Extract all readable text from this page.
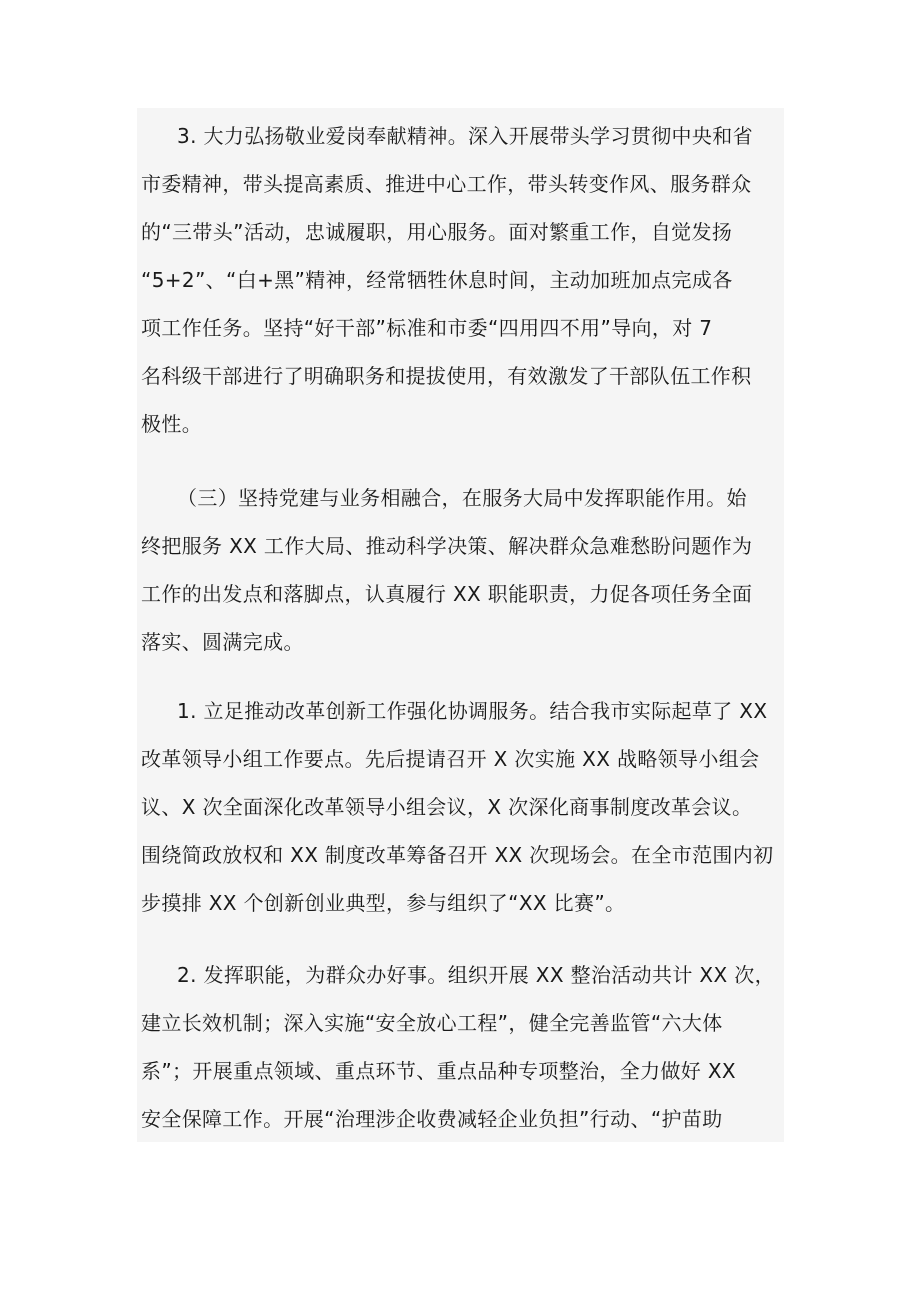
3. 大力弘扬敬业爱岗奉献精神。深入开展带头学习贯彻中央和省
市委精神，带头提高素质、推进中心工作，带头转变作风、服务群众
的“三带头”活动，忠诚履职，用心服务。面对繁重工作，自觉发扬
“5+2”、“白+黑”精神，经常牺牲休息时间，主动加班加点完成各
项工作任务。坚持“好干部”标准和市委“四用四不用”导向，对 7
名科级干部进行了明确职务和提拔使用，有效激发了干部队伍工作积
极性。
（三）坚持党建与业务相融合，在服务大局中发挥职能作用。始
终把服务 XX 工作大局、推动科学决策、解决群众急难愁盼问题作为
工作的出发点和落脚点，认真履行 XX 职能职责，力促各项任务全面
落实、圆满完成。
1. 立足推动改革创新工作强化协调服务。结合我市实际起草了 XX
改革领导小组工作要点。先后提请召开 X 次实施 XX 战略领导小组会
议、X 次全面深化改革领导小组会议，X 次深化商事制度改革会议。
围绕简政放权和 XX 制度改革筹备召开 XX 次现场会。在全市范围内初
步摸排 XX 个创新创业典型，参与组织了“XX 比赛”。
2. 发挥职能，为群众办好事。组织开展 XX 整治活动共计 XX 次，
建立长效机制；深入实施“安全放心工程”，健全完善监管“六大体
系”；开展重点领域、重点环节、重点品种专项整治，全力做好 XX
安全保障工作。开展“治理涉企收费减轻企业负担”行动、“护苗助
